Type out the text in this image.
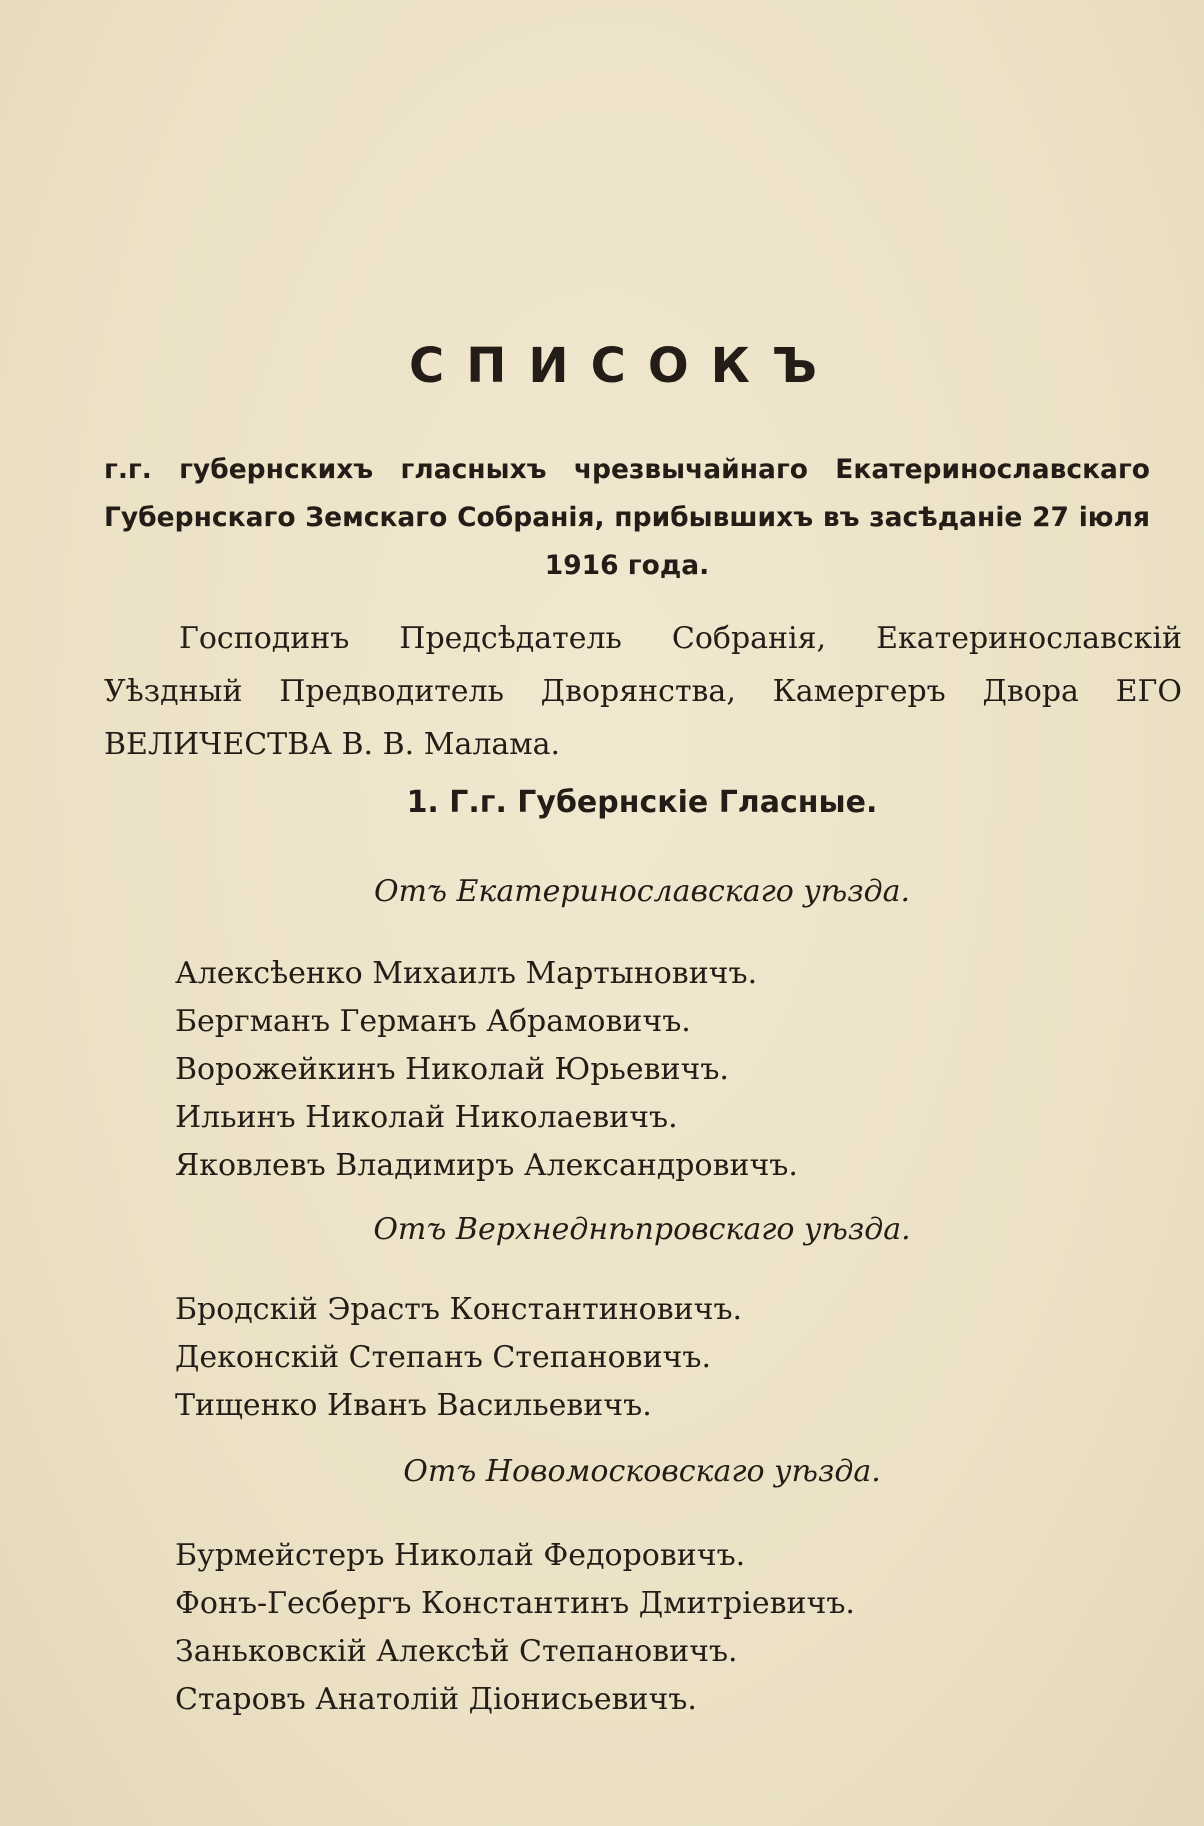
СПИСОКЪ
г.г. губернскихъ гласныхъ чрезвычайнаго Екатеринославскаго Губернскаго Земскаго Собранія, прибывшихъ въ засѣданіе 27 іюля 1916 года.
Господинъ Предсѣдатель Собранія, Екатеринославскій Уѣздный Предводитель Дворянства, Камергеръ Двора ЕГО ВЕЛИЧЕСТВА В. В. Малама.
1. Г.г. Губернскіе Гласные.
Отъ Екатеринославскаго уѣзда.
Алексѣенко Михаилъ Мартыновичъ.
Бергманъ Германъ Абрамовичъ.
Ворожейкинъ Николай Юрьевичъ.
Ильинъ Николай Николаевичъ.
Яковлевъ Владимиръ Александровичъ.
Отъ Верхнеднѣпровскаго уѣзда.
Бродскій Эрастъ Константиновичъ.
Деконскій Степанъ Степановичъ.
Тищенко Иванъ Васильевичъ.
Отъ Новомосковскаго уѣзда.
Бурмейстеръ Николай Федоровичъ.
Фонъ-Гесбергъ Константинъ Дмитріевичъ.
Заньковскій Алексѣй Степановичъ.
Старовъ Анатолій Діонисьевичъ.
